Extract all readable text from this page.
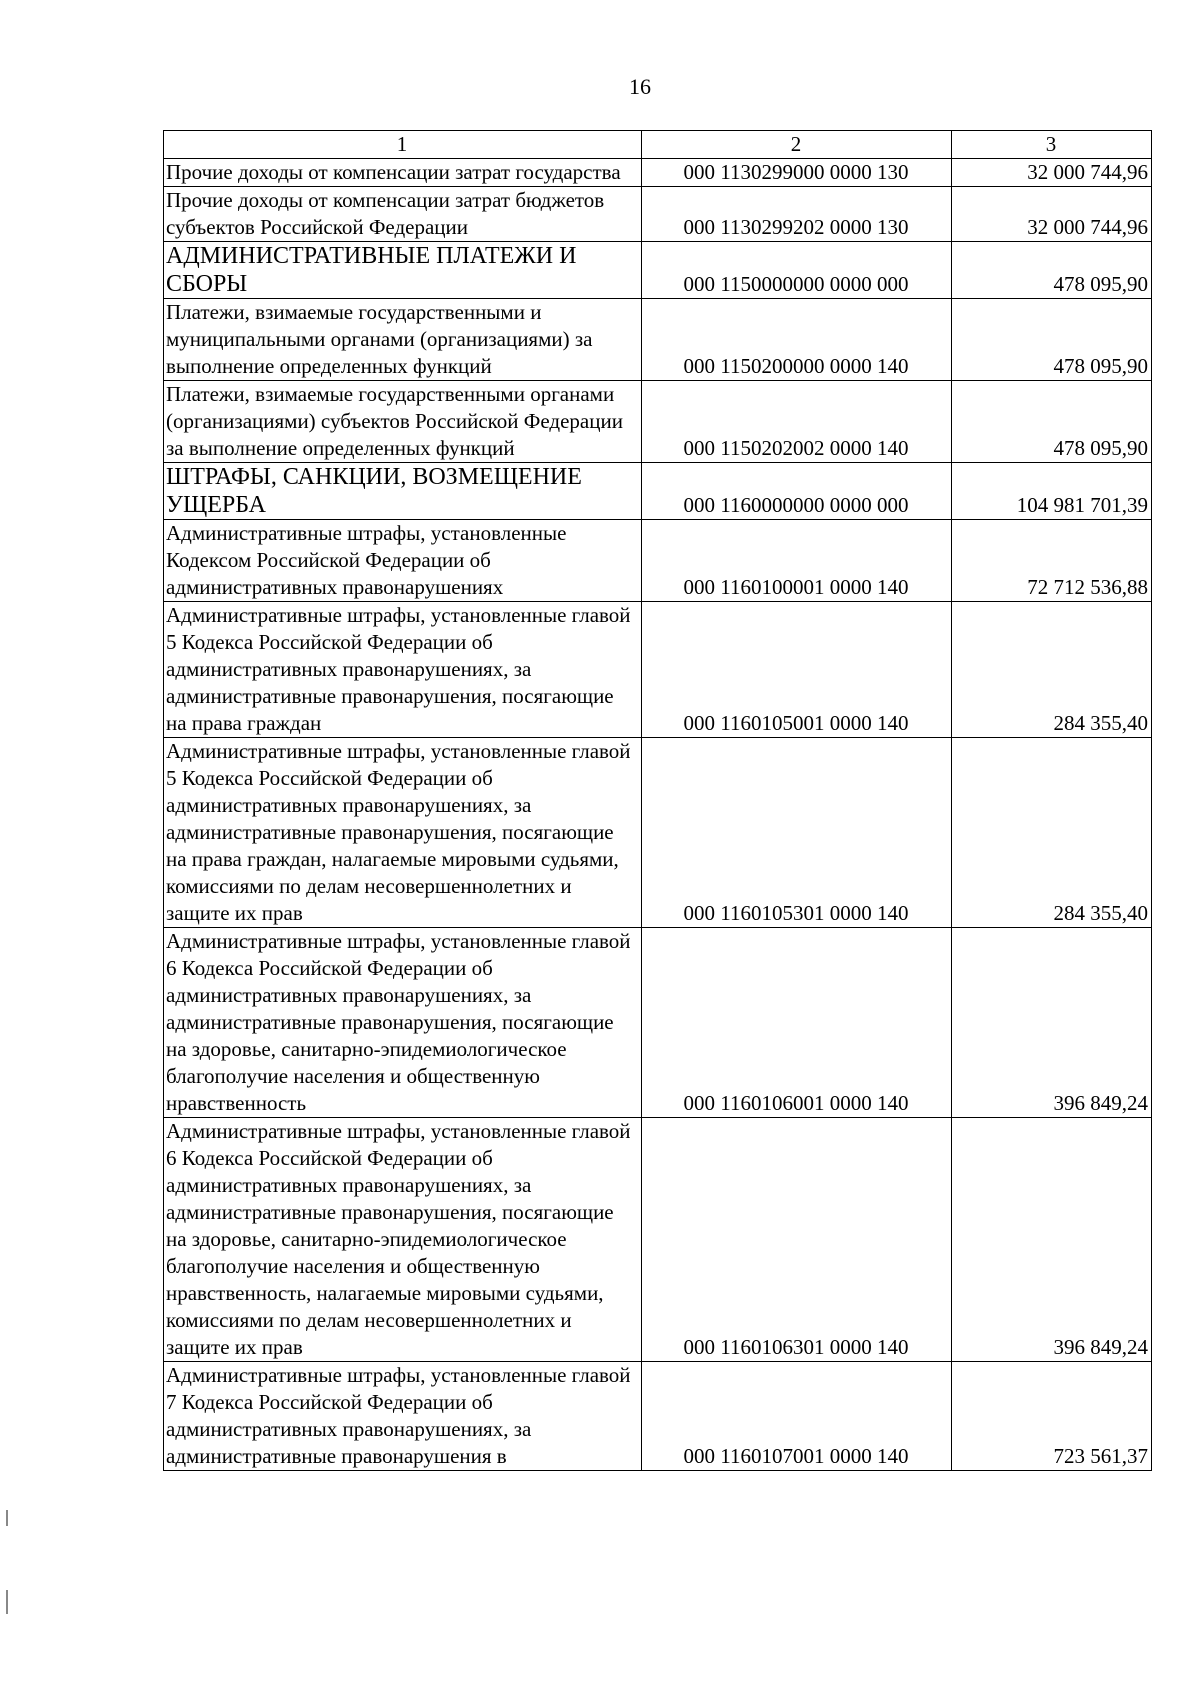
16
1	2	3
Прочие доходы от компенсации затрат государства	000 1130299000 0000 130	32 000 744,96
Прочие доходы от компенсации затрат бюджетов субъектов Российской Федерации	000 1130299202 0000 130	32 000 744,96
АДМИНИСТРАТИВНЫЕ ПЛАТЕЖИ И СБОРЫ	000 1150000000 0000 000	478 095,90
Платежи, взимаемые государственными и муниципальными органами (организациями) за выполнение определенных функций	000 1150200000 0000 140	478 095,90
Платежи, взимаемые государственными органами (организациями) субъектов Российской Федерации за выполнение определенных функций	000 1150202002 0000 140	478 095,90
ШТРАФЫ, САНКЦИИ, ВОЗМЕЩЕНИЕ УЩЕРБА	000 1160000000 0000 000	104 981 701,39
Административные штрафы, установленные Кодексом Российской Федерации об административных правонарушениях	000 1160100001 0000 140	72 712 536,88
Административные штрафы, установленные главой 5 Кодекса Российской Федерации об административных правонарушениях, за административные правонарушения, посягающие на права граждан	000 1160105001 0000 140	284 355,40
Административные штрафы, установленные главой 5 Кодекса Российской Федерации об административных правонарушениях, за административные правонарушения, посягающие на права граждан, налагаемые мировыми судьями, комиссиями по делам несовершеннолетних и защите их прав	000 1160105301 0000 140	284 355,40
Административные штрафы, установленные главой 6 Кодекса Российской Федерации об административных правонарушениях, за административные правонарушения, посягающие на здоровье, санитарно-эпидемиологическое благополучие населения и общественную нравственность	000 1160106001 0000 140	396 849,24
Административные штрафы, установленные главой 6 Кодекса Российской Федерации об административных правонарушениях, за административные правонарушения, посягающие на здоровье, санитарно-эпидемиологическое благополучие населения и общественную нравственность, налагаемые мировыми судьями, комиссиями по делам несовершеннолетних и защите их прав	000 1160106301 0000 140	396 849,24
Административные штрафы, установленные главой 7 Кодекса Российской Федерации об административных правонарушениях, за административные правонарушения в	000 1160107001 0000 140	723 561,37
